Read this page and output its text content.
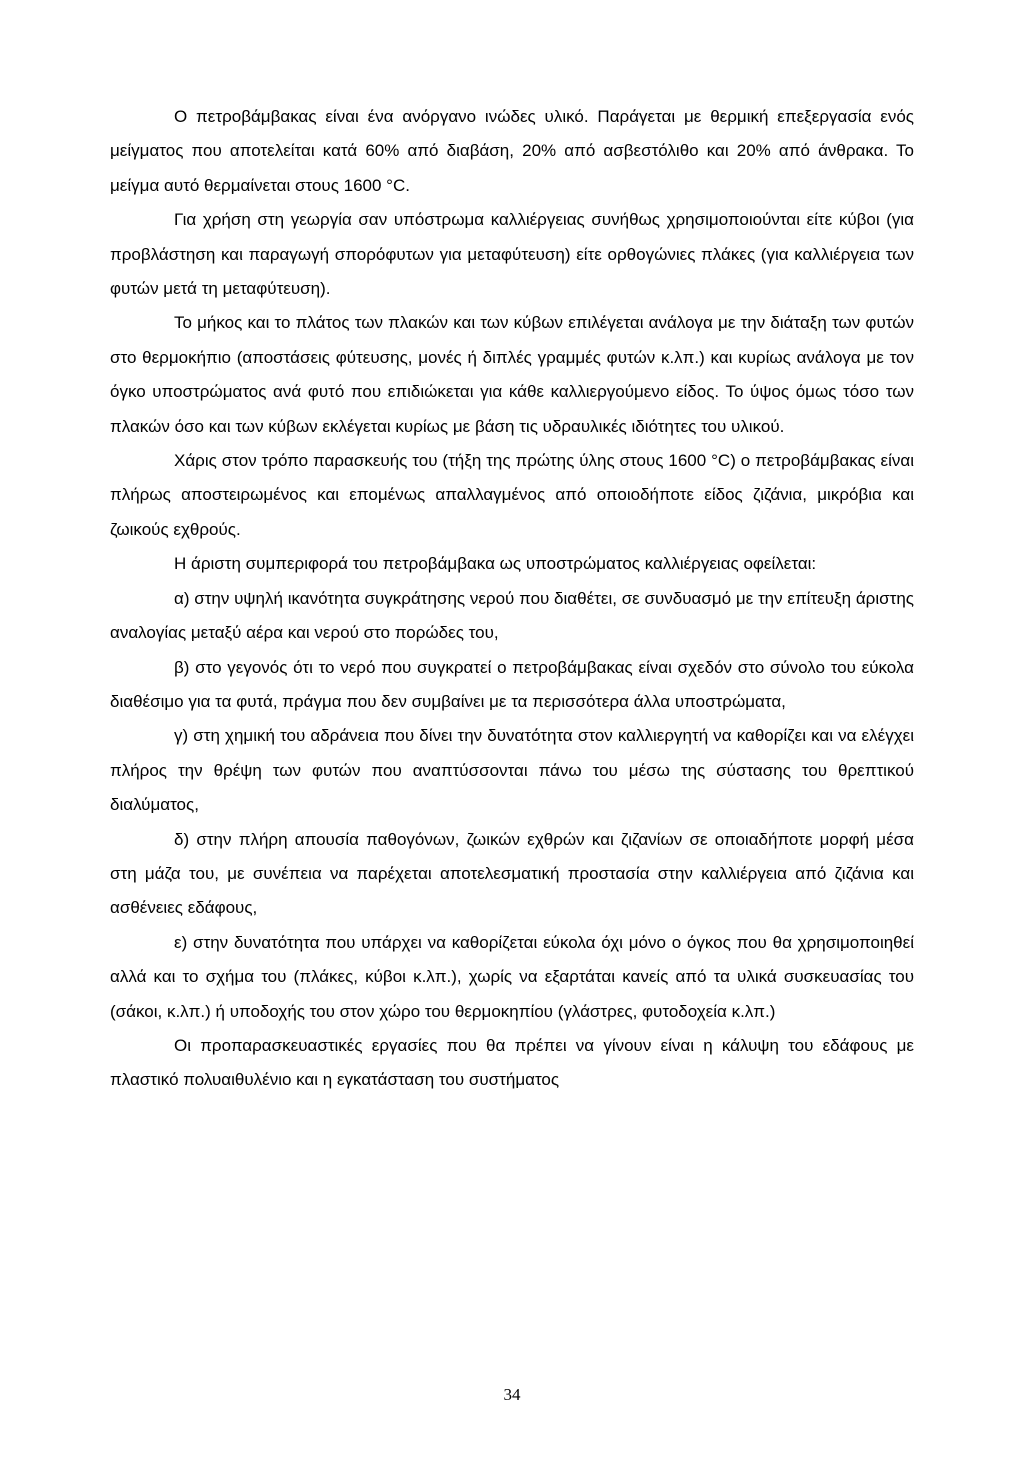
Ο πετροβάμβακας είναι ένα ανόργανο ινώδες υλικό. Παράγεται με θερμική επεξεργασία ενός μείγματος που αποτελείται κατά 60% από διαβάση, 20% από ασβεστόλιθο και 20% από άνθρακα. Το μείγμα αυτό θερμαίνεται στους 1600 °C.

Για χρήση στη γεωργία σαν υπόστρωμα καλλιέργειας συνήθως χρησιμοποιούνται είτε κύβοι (για προβλάστηση και παραγωγή σπορόφυτων για μεταφύτευση) είτε ορθογώνιες πλάκες (για καλλιέργεια των φυτών μετά τη μεταφύτευση).

Το μήκος και το πλάτος των πλακών και των κύβων επιλέγεται ανάλογα με την διάταξη των φυτών στο θερμοκήπιο (αποστάσεις φύτευσης, μονές ή διπλές γραμμές φυτών κ.λπ.) και κυρίως ανάλογα με τον όγκο υποστρώματος ανά φυτό που επιδιώκεται για κάθε καλλιεργούμενο είδος. Το ύψος όμως τόσο των πλακών όσο και των κύβων εκλέγεται κυρίως με βάση τις υδραυλικές ιδιότητες του υλικού.

Χάρις στον τρόπο παρασκευής του (τήξη της πρώτης ύλης στους 1600 °C) ο πετροβάμβακας είναι πλήρως αποστειρωμένος και επομένως απαλλαγμένος από οποιοδήποτε είδος ζιζάνια, μικρόβια και ζωικούς εχθρούς.

Η άριστη συμπεριφορά του πετροβάμβακα ως υποστρώματος καλλιέργειας οφείλεται:

α) στην υψηλή ικανότητα συγκράτησης νερού που διαθέτει, σε συνδυασμό με την επίτευξη άριστης αναλογίας μεταξύ αέρα και νερού στο πορώδες του,

β) στο γεγονός ότι το νερό που συγκρατεί ο πετροβάμβακας είναι σχεδόν στο σύνολο του εύκολα διαθέσιμο για τα φυτά, πράγμα που δεν συμβαίνει με τα περισσότερα άλλα υποστρώματα,

γ) στη χημική του αδράνεια που δίνει την δυνατότητα στον καλλιεργητή να καθορίζει και να ελέγχει πλήρος την θρέψη των φυτών που αναπτύσσονται πάνω του μέσω της σύστασης του θρεπτικού διαλύματος,

δ) στην πλήρη απουσία παθογόνων, ζωικών εχθρών και ζιζανίων σε οποιαδήποτε μορφή μέσα στη μάζα του, με συνέπεια να παρέχεται αποτελεσματική προστασία στην καλλιέργεια από ζιζάνια και ασθένειες εδάφους,

ε) στην δυνατότητα που υπάρχει να καθορίζεται εύκολα όχι μόνο ο όγκος που θα χρησιμοποιηθεί αλλά και το σχήμα του (πλάκες, κύβοι κ.λπ.), χωρίς να εξαρτάται κανείς από τα υλικά συσκευασίας του (σάκοι, κ.λπ.) ή υποδοχής του στον χώρο του θερμοκηπίου (γλάστρες, φυτοδοχεία κ.λπ.)

Οι προπαρασκευαστικές εργασίες που θα πρέπει να γίνουν είναι η κάλυψη του εδάφους με πλαστικό πολυαιθυλένιο και η εγκατάσταση του συστήματος

34
